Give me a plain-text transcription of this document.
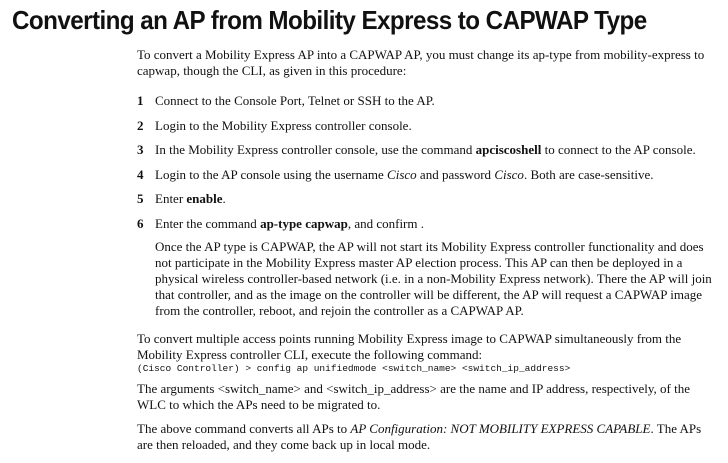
Converting an AP from Mobility Express to CAPWAP Type

To convert a Mobility Express AP into a CAPWAP AP, you must change its ap-type from mobility-express to capwap, though the CLI, as given in this procedure:

1 Connect to the Console Port, Telnet or SSH to the AP.
2 Login to the Mobility Express controller console.
3 In the Mobility Express controller console, use the command apciscoshell to connect to the AP console.
4 Login to the AP console using the username Cisco and password Cisco. Both are case-sensitive.
5 Enter enable.
6 Enter the command ap-type capwap, and confirm .

Once the AP type is CAPWAP, the AP will not start its Mobility Express controller functionality and does not participate in the Mobility Express master AP election process. This AP can then be deployed in a physical wireless controller-based network (i.e. in a non-Mobility Express network). There the AP will join that controller, and as the image on the controller will be different, the AP will request a CAPWAP image from the controller, reboot, and rejoin the controller as a CAPWAP AP.

To convert multiple access points running Mobility Express image to CAPWAP simultaneously from the Mobility Express controller CLI, execute the following command:

(Cisco Controller) > config ap unifiedmode <switch_name> <switch_ip_address>

The arguments <switch_name> and <switch_ip_address> are the name and IP address, respectively, of the WLC to which the APs need to be migrated to.

The above command converts all APs to AP Configuration: NOT MOBILITY EXPRESS CAPABLE. The APs are then reloaded, and they come back up in local mode.
